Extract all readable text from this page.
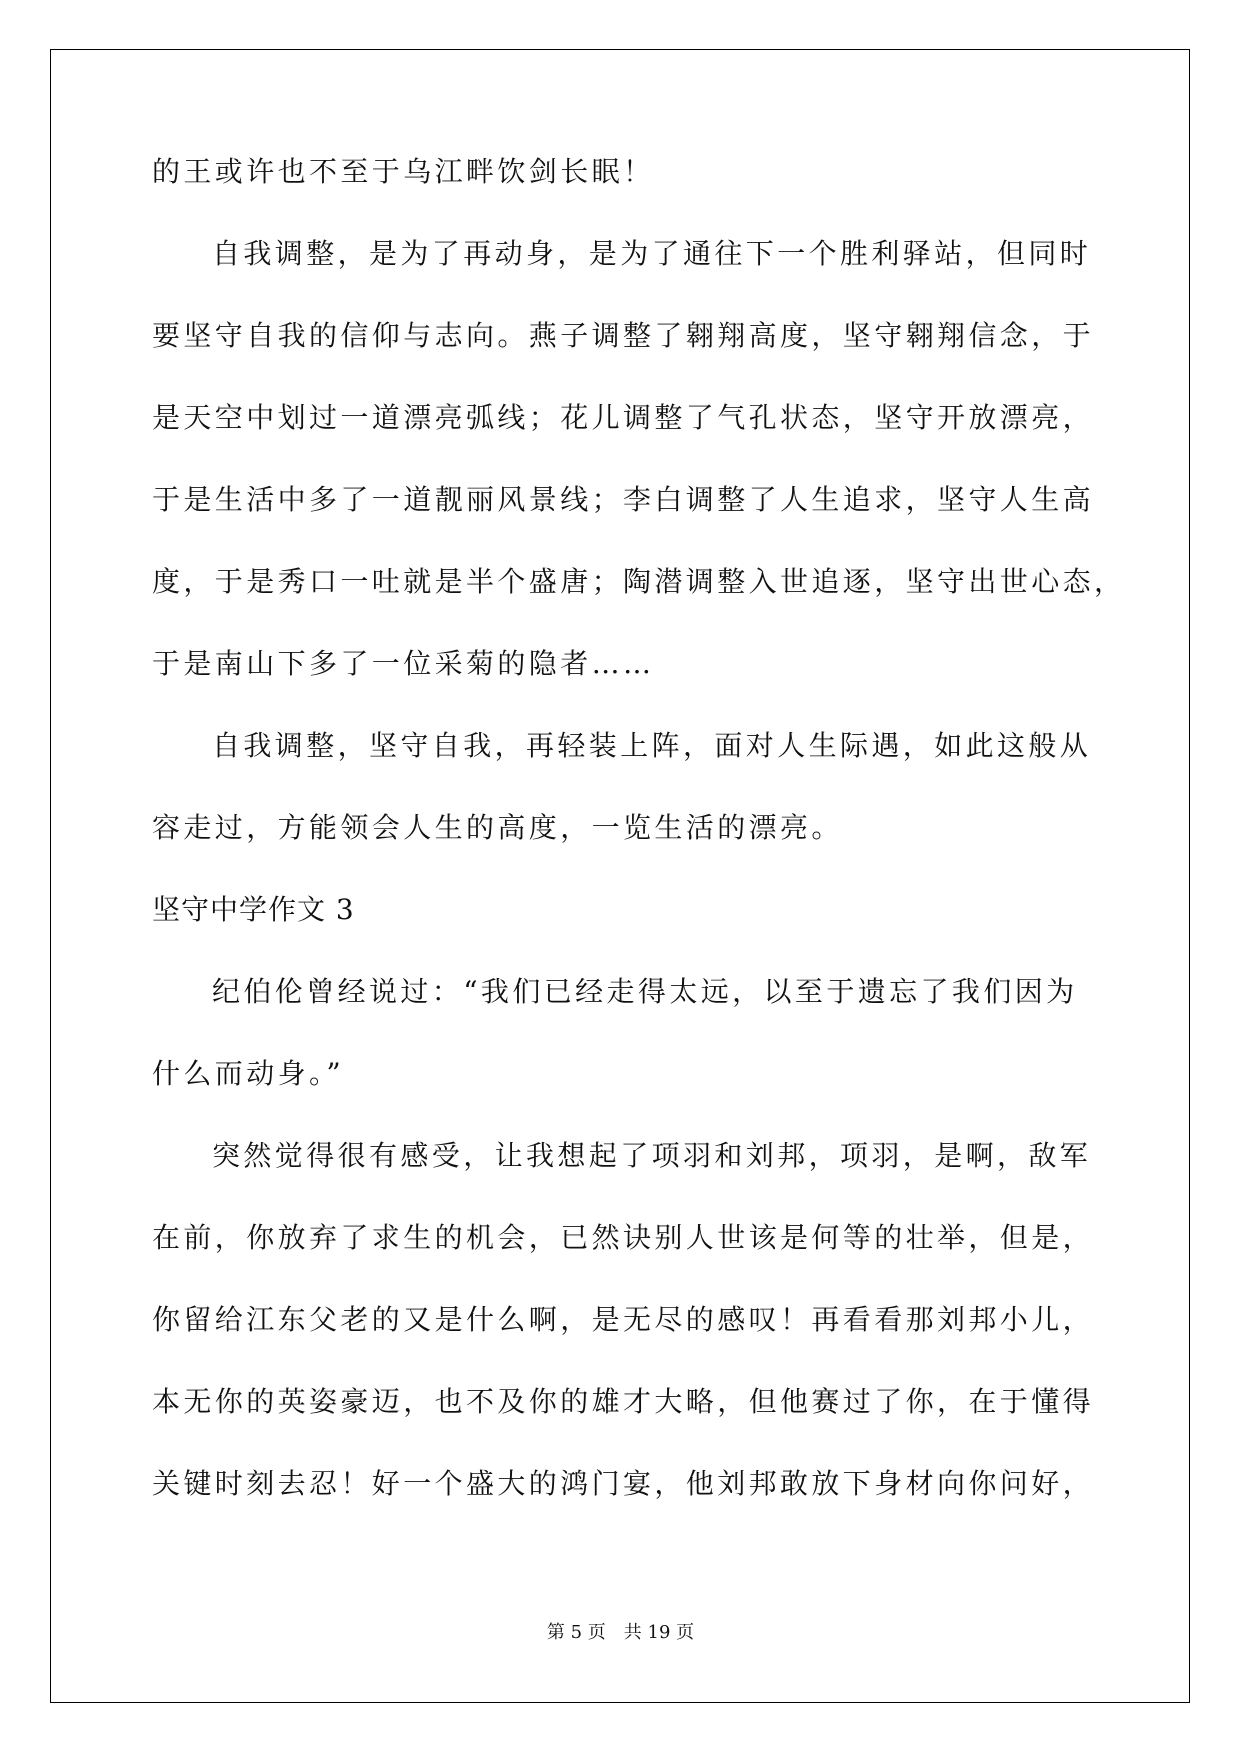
的王或许也不至于乌江畔饮剑长眠！
自我调整，是为了再动身，是为了通往下一个胜利驿站，但同时
要坚守自我的信仰与志向。燕子调整了翱翔高度，坚守翱翔信念，于
是天空中划过一道漂亮弧线；花儿调整了气孔状态，坚守开放漂亮，
于是生活中多了一道靓丽风景线；李白调整了人生追求，坚守人生高
度，于是秀口一吐就是半个盛唐；陶潜调整入世追逐，坚守出世心态，
于是南山下多了一位采菊的隐者……
自我调整，坚守自我，再轻装上阵，面对人生际遇，如此这般从
容走过，方能领会人生的高度，一览生活的漂亮。
坚守中学作文 3
纪伯伦曾经说过：“我们已经走得太远，以至于遗忘了我们因为
什么而动身。”
突然觉得很有感受，让我想起了项羽和刘邦，项羽，是啊，敌军
在前，你放弃了求生的机会，已然诀别人世该是何等的壮举，但是，
你留给江东父老的又是什么啊，是无尽的感叹！再看看那刘邦小儿，
本无你的英姿豪迈，也不及你的雄才大略，但他赛过了你，在于懂得
关键时刻去忍！好一个盛大的鸿门宴，他刘邦敢放下身材向你问好，
第 5 页　共 19 页
